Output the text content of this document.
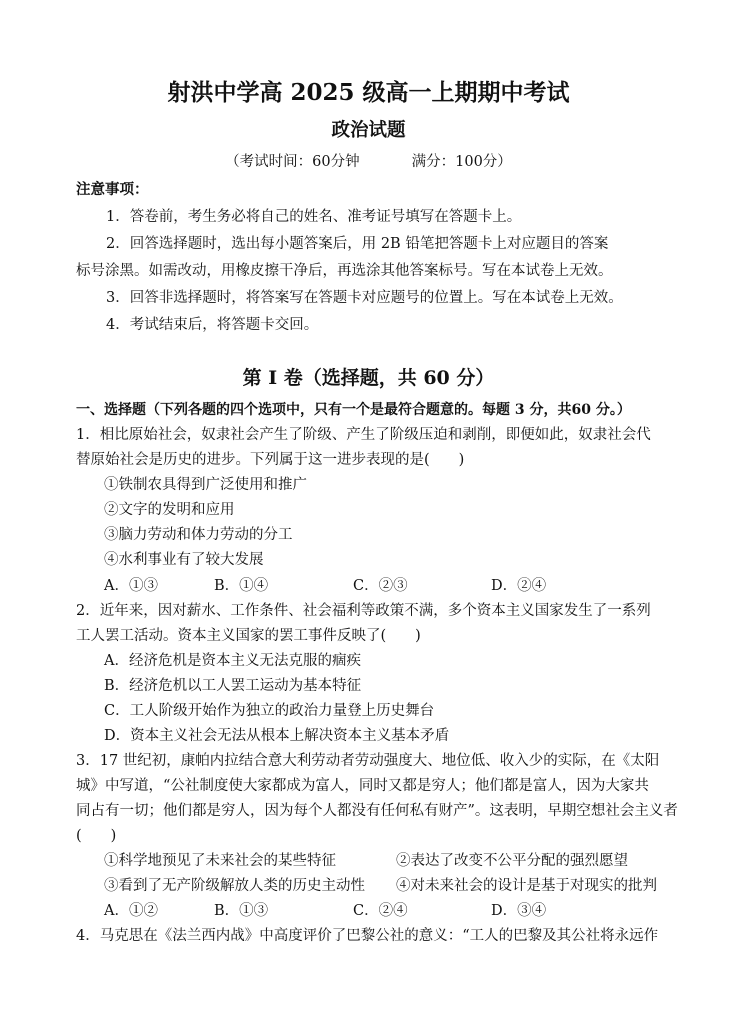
射洪中学高 2025 级高一上期期中考试
政治试题
（考试时间：60分钟	满分：100分）
注意事项：
1．答卷前，考生务必将自己的姓名、准考证号填写在答题卡上。
2．回答选择题时，选出每小题答案后，用 2B 铅笔把答题卡上对应题目的答案
标号涂黑。如需改动，用橡皮擦干净后，再选涂其他答案标号。写在本试卷上无效。
3．回答非选择题时，将答案写在答题卡对应题号的位置上。写在本试卷上无效。
4．考试结束后，将答题卡交回。
第 I 卷（选择题，共 60 分）
一、选择题（下列各题的四个选项中，只有一个是最符合题意的。每题 3 分，共60 分。）
1．相比原始社会，奴隶社会产生了阶级、产生了阶级压迫和剥削，即便如此，奴隶社会代
替原始社会是历史的进步。下列属于这一进步表现的是(　　)
①铁制农具得到广泛使用和推广
②文字的发明和应用
③脑力劳动和体力劳动的分工
④水利事业有了较大发展
A．①③	B．①④	C．②③	D．②④
2．近年来，因对薪水、工作条件、社会福利等政策不满，多个资本主义国家发生了一系列
工人罢工活动。资本主义国家的罢工事件反映了(　　)
A．经济危机是资本主义无法克服的痼疾
B．经济危机以工人罢工运动为基本特征
C．工人阶级开始作为独立的政治力量登上历史舞台
D．资本主义社会无法从根本上解决资本主义基本矛盾
3．17 世纪初，康帕内拉结合意大利劳动者劳动强度大、地位低、收入少的实际，在《太阳
城》中写道，“公社制度使大家都成为富人，同时又都是穷人；他们都是富人，因为大家共
同占有一切；他们都是穷人，因为每个人都没有任何私有财产”。这表明，早期空想社会主义者
(　　)
①科学地预见了未来社会的某些特征	②表达了改变不公平分配的强烈愿望
③看到了无产阶级解放人类的历史主动性 ④对未来社会的设计是基于对现实的批判
A．①②	B．①③	C．②④	D．③④
4．马克思在《法兰西内战》中高度评价了巴黎公社的意义：“工人的巴黎及其公社将永远作
